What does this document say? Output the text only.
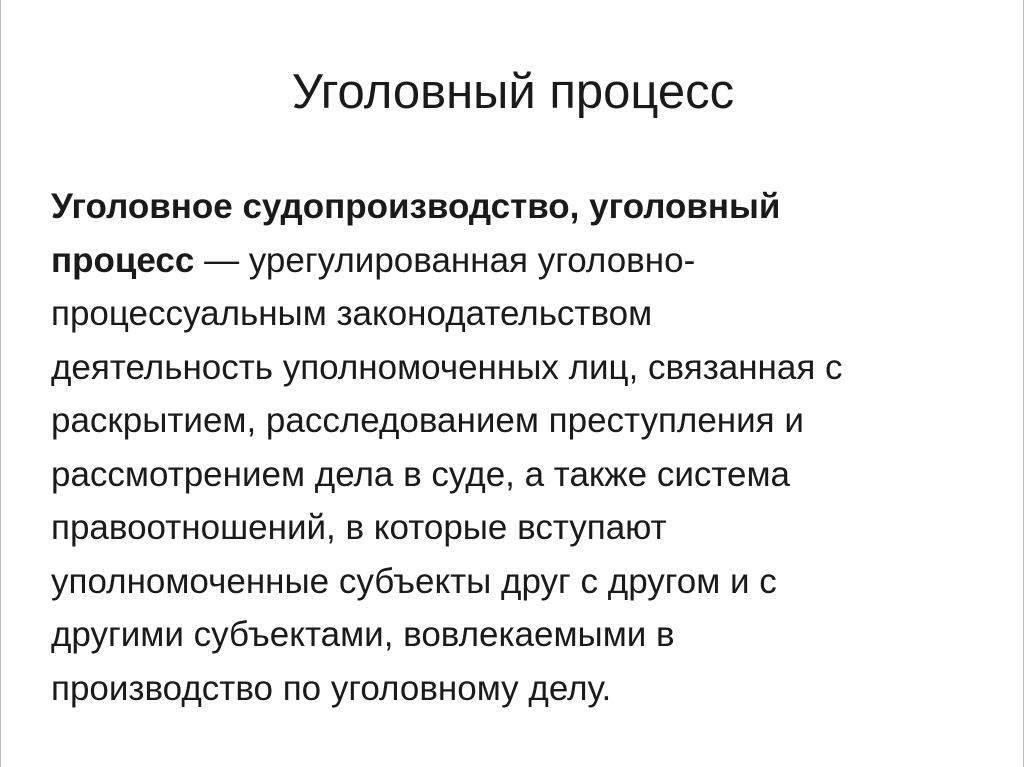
Уголовный процесс
Уголовное судопроизводство, уголовный
процесс — урегулированная уголовно-
процессуальным законодательством
деятельность уполномоченных лиц, связанная с
раскрытием, расследованием преступления и
рассмотрением дела в суде, а также система
правоотношений, в которые вступают
уполномоченные субъекты друг с другом и с
другими субъектами, вовлекаемыми в
производство по уголовному делу.
